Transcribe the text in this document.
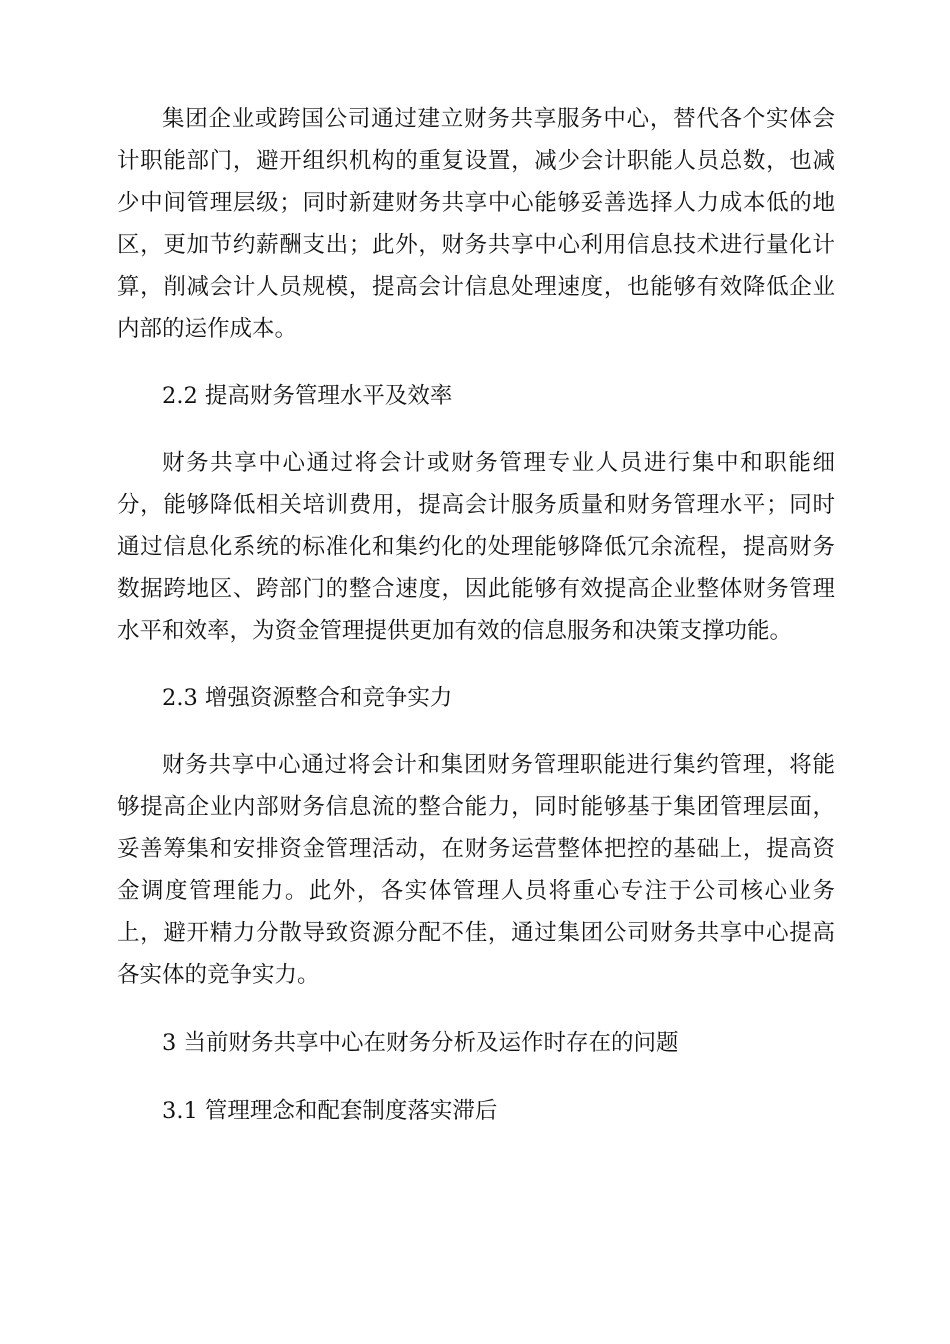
集团企业或跨国公司通过建立财务共享服务中心，替代各个实体会计职能部门，避开组织机构的重复设置，减少会计职能人员总数，也减少中间管理层级；同时新建财务共享中心能够妥善选择人力成本低的地区，更加节约薪酬支出；此外，财务共享中心利用信息技术进行量化计算，削减会计人员规模，提高会计信息处理速度，也能够有效降低企业内部的运作成本。

2.2 提高财务管理水平及效率

财务共享中心通过将会计或财务管理专业人员进行集中和职能细分，能够降低相关培训费用，提高会计服务质量和财务管理水平；同时通过信息化系统的标准化和集约化的处理能够降低冗余流程，提高财务数据跨地区、跨部门的整合速度，因此能够有效提高企业整体财务管理水平和效率，为资金管理提供更加有效的信息服务和决策支撑功能。

2.3 增强资源整合和竞争实力

财务共享中心通过将会计和集团财务管理职能进行集约管理，将能够提高企业内部财务信息流的整合能力，同时能够基于集团管理层面，妥善筹集和安排资金管理活动，在财务运营整体把控的基础上，提高资金调度管理能力。此外，各实体管理人员将重心专注于公司核心业务上，避开精力分散导致资源分配不佳，通过集团公司财务共享中心提高各实体的竞争实力。

3 当前财务共享中心在财务分析及运作时存在的问题

3.1 管理理念和配套制度落实滞后
